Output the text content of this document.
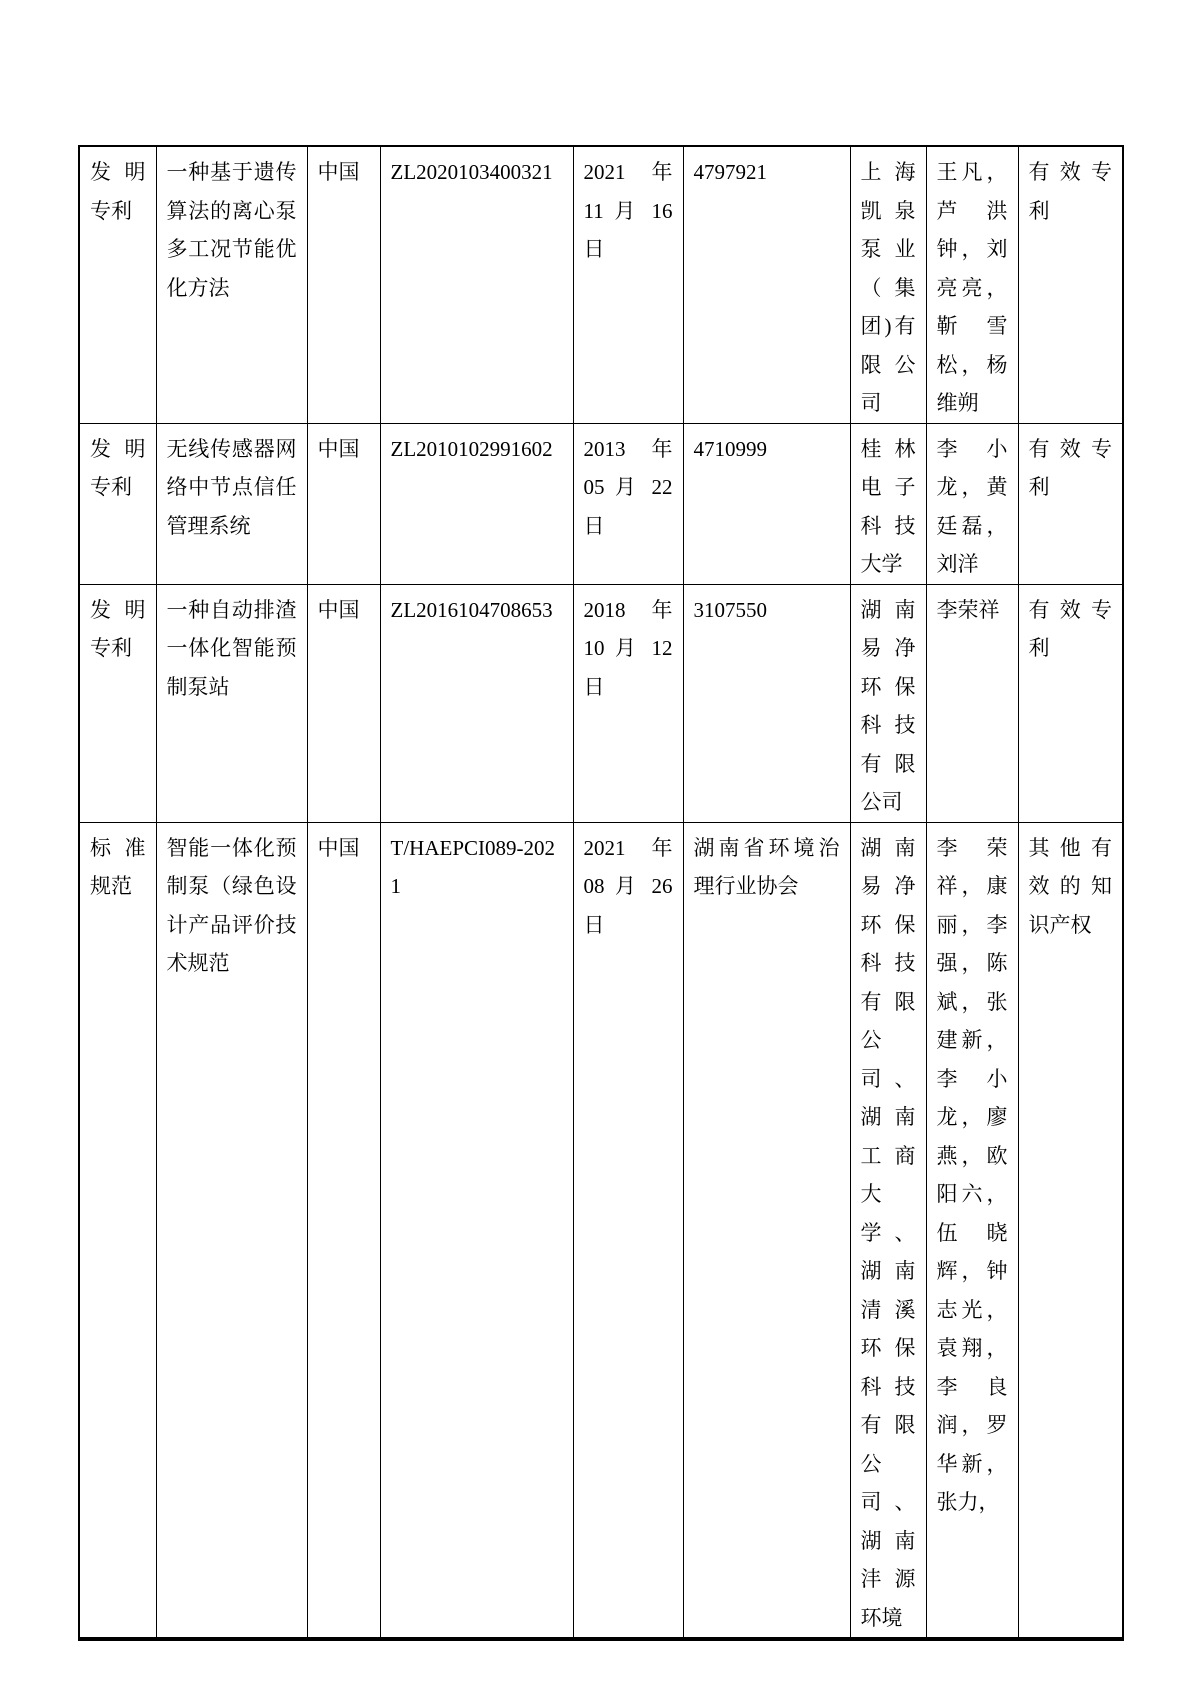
发明专利	一种基于遗传算法的离心泵多工况节能优化方法	中国	ZL2020103400321	2021 年 11 月 16 日	4797921	上海凯泉泵业（集团)有限公司	王凡，芦洪钟，刘亮亮，靳雪松，杨维朔	有效专利
发明专利	无线传感器网络中节点信任管理系统	中国	ZL2010102991602	2013 年 05 月 22 日	4710999	桂林电子科技大学	李小龙，黄廷磊，刘洋	有效专利
发明专利	一种自动排渣一体化智能预制泵站	中国	ZL2016104708653	2018 年 10 月 12 日	3107550	湖南易净环保科技有限公司	李荣祥	有效专利
标准规范	智能一体化预制泵（绿色设计产品评价技术规范	中国	T/HAEPCI089-2021	2021 年 08 月 26 日	湖南省环境治理行业协会	湖南易净环保科技有限公司、湖南工商大学、湖南清溪环保科技有限公司、湖南沣源环境	李荣祥，康丽，李强，陈斌，张建新，李小龙，廖燕，欧阳六，伍晓辉，钟志光，袁翔，李良润，罗华新，张力，	其他有效的知识产权
